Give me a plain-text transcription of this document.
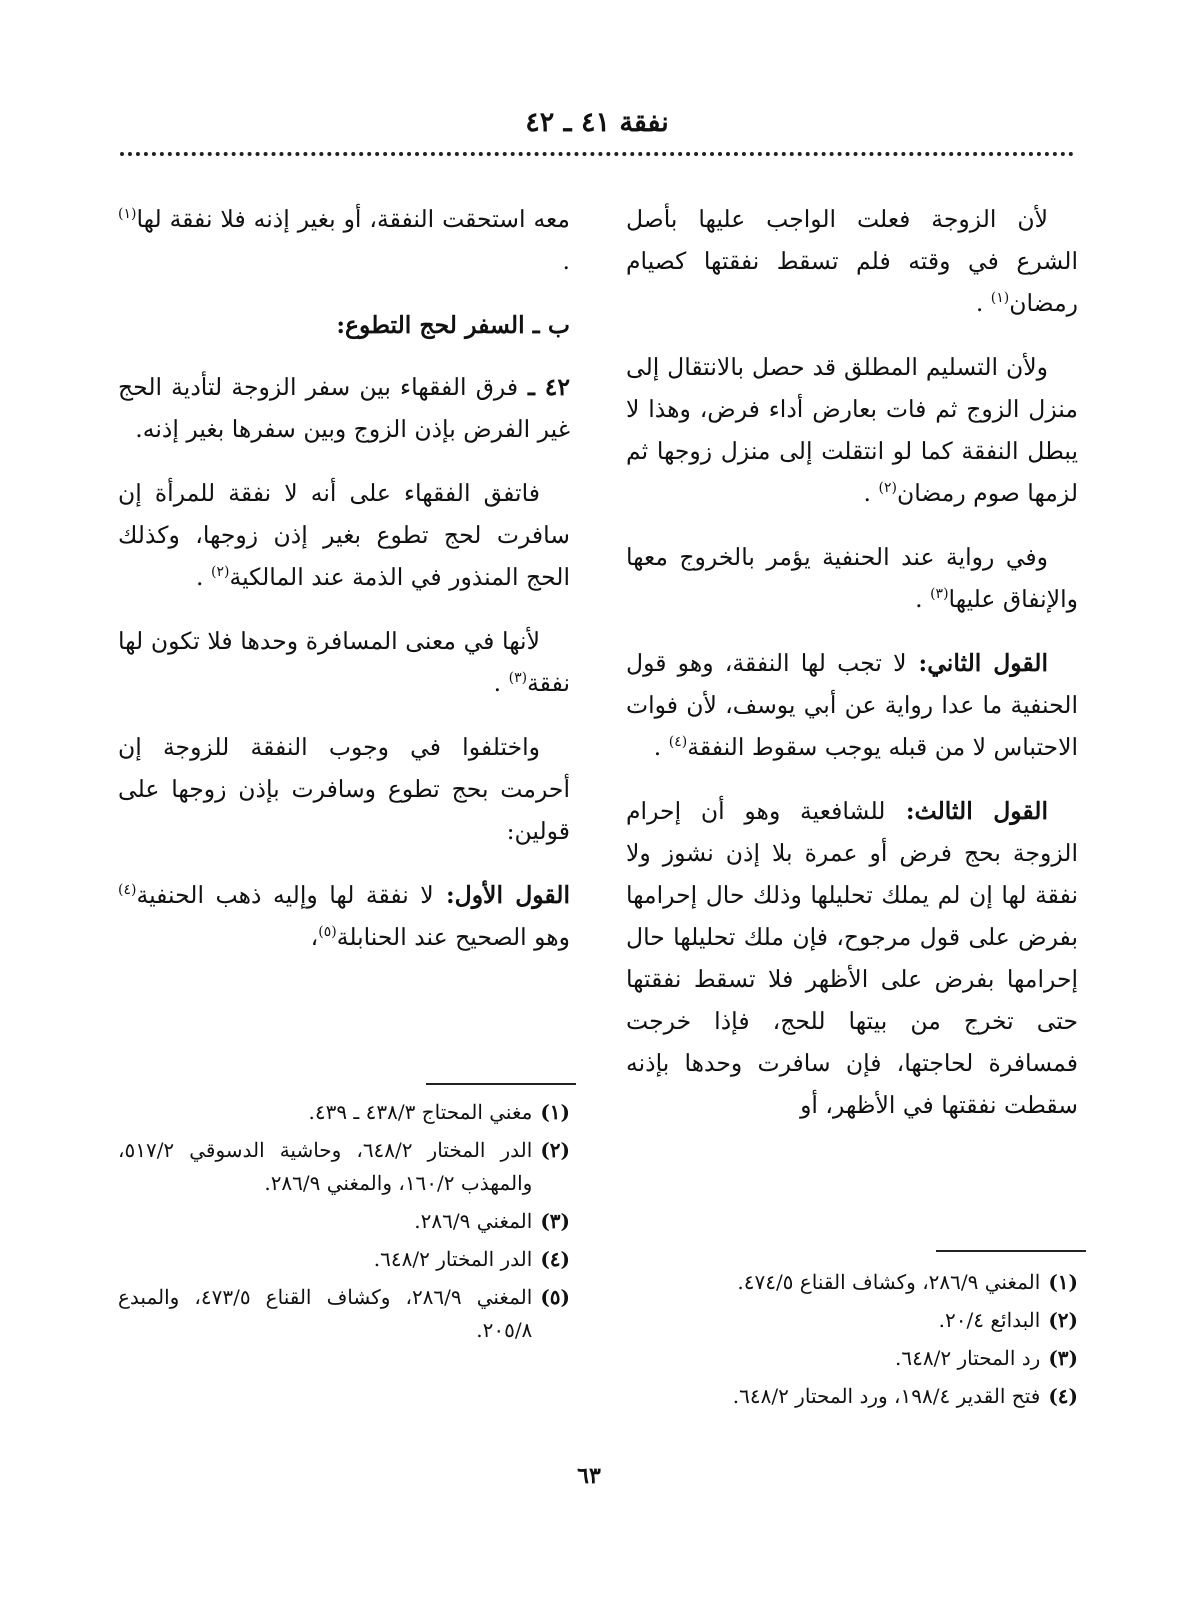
نفقة ٤١ ـ ٤٢

لأن الزوجة فعلت الواجب عليها بأصل الشرع في وقته فلم تسقط نفقتها كصيام رمضان$^{(١)}$ .

ولأن التسليم المطلق قد حصل بالانتقال إلى منزل الزوج ثم فات بعارض أداء فرض، وهذا لا يبطل النفقة كما لو انتقلت إلى منزل زوجها ثم لزمها صوم رمضان$^{(٢)}$ .

وفي رواية عند الحنفية يؤمر بالخروج معها والإنفاق عليها$^{(٣)}$ .

القول الثاني: لا تجب لها النفقة، وهو قول الحنفية ما عدا رواية عن أبي يوسف، لأن فوات الاحتباس لا من قبله يوجب سقوط النفقة$^{(٤)}$ .

القول الثالث: للشافعية وهو أن إحرام الزوجة بحج فرض أو عمرة بلا إذن نشوز ولا نفقة لها إن لم يملك تحليلها وذلك حال إحرامها بفرض على قول مرجوح، فإن ملك تحليلها حال إحرامها بفرض على الأظهر فلا تسقط نفقتها حتى تخرج من بيتها للحج، فإذا خرجت فمسافرة لحاجتها، فإن سافرت وحدها بإذنه سقطت نفقتها في الأظهر، أو

معه استحقت النفقة، أو بغير إذنه فلا نفقة لها$^{(١)}$ .

ب ـ السفر لحج التطوع:

٤٢ ـ فرق الفقهاء بين سفر الزوجة لتأدية الحج غير الفرض بإذن الزوج وبين سفرها بغير إذنه.

فاتفق الفقهاء على أنه لا نفقة للمرأة إن سافرت لحج تطوع بغير إذن زوجها، وكذلك الحج المنذور في الذمة عند المالكية$^{(٢)}$ .

لأنها في معنى المسافرة وحدها فلا تكون لها نفقة$^{(٣)}$ .

واختلفوا في وجوب النفقة للزوجة إن أحرمت بحج تطوع وسافرت بإذن زوجها على قولين:

القول الأول: لا نفقة لها وإليه ذهب الحنفية$^{(٤)}$ وهو الصحيح عند الحنابلة$^{(٥)}$،

(١)
المغني ٢٨٦/٩، وكشاف القناع ٤٧٤/٥.
(٢)
البدائع ٢٠/٤.
(٣)
رد المحتار ٦٤٨/٢.
(٤)
فتح القدير ١٩٨/٤، ورد المحتار ٦٤٨/٢.
(١)
مغني المحتاج ٤٣٨/٣ ـ ٤٣٩.
(٢)
الدر المختار ٦٤٨/٢، وحاشية الدسوقي ٥١٧/٢، والمهذب ١٦٠/٢، والمغني ٢٨٦/٩.
(٣)
المغني ٢٨٦/٩.
(٤)
الدر المختار ٦٤٨/٢.
(٥)
المغني ٢٨٦/٩، وكشاف القناع ٤٧٣/٥، والمبدع ٢٠٥/٨.
٦٣
